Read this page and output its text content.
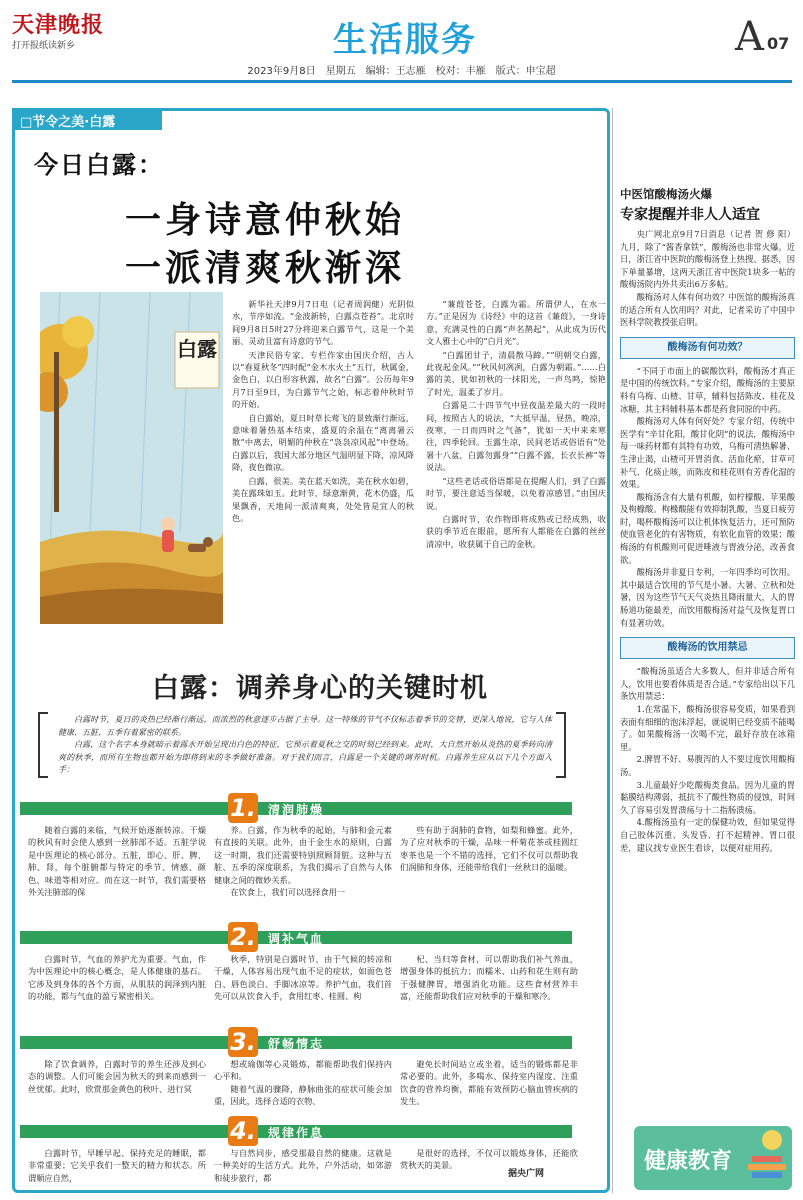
天津晚报
打开报纸读新乡	生活服务	A 07
2023年9月8日　星期五　编辑：王志雁　校对：丰雁　版式：申宝超
□节令之美·白露
今日白露：
一身诗意仲秋始
一派清爽秋渐深
白露

新华社天津9月7日电（记者周润健）光阴似水，节序如流。“金波新转，白露点苍苔”。北京时间9月8日5时27分将迎来白露节气，这是一个美丽、灵动且富有诗意的节气。

天津民俗专家、专栏作家由国庆介绍，古人以“春夏秋冬”四时配“金木水火土”五行，秋属金，金色白，以白形容秋露，故名“白露”。公历每年9月7日至9日，为白露节气之始，标志着仲秋时节的开始。

自白露始，夏日时草长莺飞的景致渐行渐远，意味着暑热基本结束，盛夏的余温在“离离暑云散”中离去，明媚的仲秋在“袅袅凉风起”中登场。白露以后，我国大部分地区气温明显下降，凉风降降，夜色微凉。

白露，很美。美在蓝天如洗，美在秋水如碧，美在露珠如玉。此时节，绿意渐黄，花木仍盛，瓜果飘香，天地间一派清爽爽，处处皆是宜人的秋色。

“蒹葭苍苍，白露为霜。所谓伊人，在水一方。”正是因为《诗经》中的这首《蒹葭》，一身诗意，充满灵性的白露“声名鹊起”，从此成为历代文人雅士心中的“白月光”。

“白露团甘子，清晨散马蹄。”“明朝交白露，此夜起金风。”“秋风何冽冽，白露为朝霜。”……白露的美，犹如初秋的一抹阳光，一声鸟鸣，惊艳了时光，温柔了岁月。

白露是二十四节气中昼夜温差最大的一段时间，按照古人的说法，“大抵早温，昼热，晚凉，夜寒，一日而四时之气备”，犹如一天中来来寒往，四季轮回。玉露生凉，民间老话或俗语有“处暑十八盆，白露勿露身”“白露不露，长衣长裤”等说法。

“这些老话或俗语都是在提醒人们，到了白露时节，要注意适当保暖，以免着凉感冒。”由国庆说。

白露时节，农作物即将成熟或已经成熟，收获的季节近在眼前，愿所有人都能在白露的丝丝清凉中，收获属于自己的金秋。

白露：调养身心的关键时机

白露时节，夏日的炎热已经渐行渐远，而浓烈的秋意逐步占据了主导。这一特殊的节气不仅标志着季节的交替，更深入地说，它与人体健康、五脏、五季有着紧密的联系。

白露，这个名字本身就暗示着露水开始呈现出白色的特征，它预示着夏秋之交的时刻已经到来。此时，大自然开始从炎热的夏季转向清爽的秋季，而所有生物也都开始为即将到来的冬季做好准备。对于我们而言，白露是一个关键的调养时机。白露养生应从以下几个方面入手：

1. 清润肺燥

随着白露的来临，气候开始逐渐转凉。干燥的秋风有时会使人感到一丝肺部不适。五脏学说是中医理论的核心部分。五脏，即心、肝、脾、肺、肾，每个脏腑都与特定的季节、情感、颜色、味道等相对应。而在这一时节，我们需要格外关注肺部的保

养。白露，作为秋季的起始，与肺和金元素有直接的关联。此外，由于金生水的原则，白露这一时期，我们还需要特别照顾肾脏。这种与五脏、五季的深度联系，为我们揭示了自然与人体健康之间的微妙关系。

在饮食上，我们可以选择食用一

些有助于润肺的食物，如梨和蜂蜜。此外，为了应对秋季的干燥，品味一杯菊花茶或桂圆红枣茶也是一个不错的选择，它们不仅可以帮助我们润肺和身体，还能带给我们一丝秋日的温暖。

2. 调补气血

白露时节，气血的养护尤为重要。气血，作为中医理论中的核心概念，是人体健康的基石。它涉及到身体的各个方面，从肌肤的润泽到内脏的功能，都与气血的盈亏紧密相关。

秋季，特别是白露时节，由于气候的转凉和干燥，人体容易出现气血不足的症状，如面色苍白、唇色淡白、手脚冰凉等。养护气血，我们首先可以从饮食入手，食用红枣、桂圆、枸

杞、当归等食材，可以帮助我们补气养血，增强身体的抵抗力；而糯米、山药和花生则有助于强健脾胃，增强消化功能。这些食材营养丰富，还能帮助我们应对秋季的干燥和寒冷。

3. 舒畅情志

除了饮食调养，白露时节的养生还涉及到心态的调整。人们可能会因为秋天的到来而感到一丝忧郁。此时，欣赏那金黄色的秋叶、进行冥

想或瑜伽等心灵锻炼，都能帮助我们保持内心平和。

随着气温的骤降，静脉曲张的症状可能会加重，因此，选择合适的衣物、

避免长时间站立或坐着，适当的锻炼都是非常必要的。此外，多喝水、保持室内湿度、注重饮食的营养均衡，都能有效预防心脑血管疾病的发生。

4. 规律作息

白露时节，早睡早起、保持充足的睡眠，都非常重要；它关乎我们一整天的精力和状态。所谓顺应自然，

与自然同步，感受那最自然的健康。这就是一种美好的生活方式。此外，户外活动，如郊游和徒步旅行，都

是很好的选择，不仅可以锻炼身体，还能欣赏秋天的美景。

据央广网
中医馆酸梅汤火爆
专家提醒并非人人适宜

央广网北京9月7日消息（记者 贺 修 阳）九月，除了“酱香拿铁”，酸梅汤也非常火爆。近日，浙江省中医院的酸梅汤登上热搜。据悉，因下单量暴增，这两天浙江省中医院1块多一帖的酸梅汤院内外共卖出6万多帖。

酸梅汤对人体有何功效？中医馆的酸梅汤真的适合所有人饮用吗？对此，记者采访了中国中医科学院教授张启明。

酸梅汤有何功效？

“不同于市面上的碳酸饮料，酸梅汤才真正是中国的传统饮料。”专家介绍，酸梅汤的主要原料有乌梅、山楂、甘草，辅料包括陈皮、桂花及冰糖，其主料辅料基本都是药食同原的中药。

酸梅汤对人体有何好处？专家介绍，传统中医学有“辛甘化阳，酸甘化阴”的说法，酸梅汤中每一味药材都有其特有功效，乌梅可清热解暑、生津止渴，山楂可开胃消食、活血化瘀，甘草可补气、化痰止咳，而陈皮和桂花则有芳香化湿的效果。

酸梅汤含有大量有机酸，如柠檬酸、苹果酸及枸橼酸。枸橼酸能有效抑制乳酸，当夏日疲劳时，喝杯酸梅汤可以让机体恢复活力，还可预防使血管老化的有害物质，有软化血管的效果；酸梅汤的有机酸则可促进唾液与胃液分泌，改善食欲。

酸梅汤并非夏日专利，一年四季均可饮用。其中最适合饮用的节气是小暑、大暑、立秋和处暑，因为这些节气天气炎热且降雨量大，人的胃肠道功能最差，而饮用酸梅汤对益气及恢复胃口有显著功效。

酸梅汤的饮用禁忌

“酸梅汤虽适合大多数人，但并非适合所有人，饮用也要看体质是否合适。”专家给出以下几条饮用禁忌：

1.在常温下，酸梅汤很容易变质，如果看到表面有细细的泡沫浮起，就说明已经变质不能喝了。如果酸梅汤一次喝不完，最好存放在冰箱里。

2.脾胃不好、易腹泻的人不要过度饮用酸梅汤。

3.儿童最好少吃酸梅类食品。因为儿童的胃黏膜结构薄弱，抵抗不了酸性物质的侵蚀，时间久了容易引发胃溃疡与十二指肠溃疡。

4.酸梅汤虽有一定的保健功效，但如果觉得自己胶体沉重、头发昏、打不起精神、胃口很差，建议找专业医生看诊，以便对症用药。

健康教育
